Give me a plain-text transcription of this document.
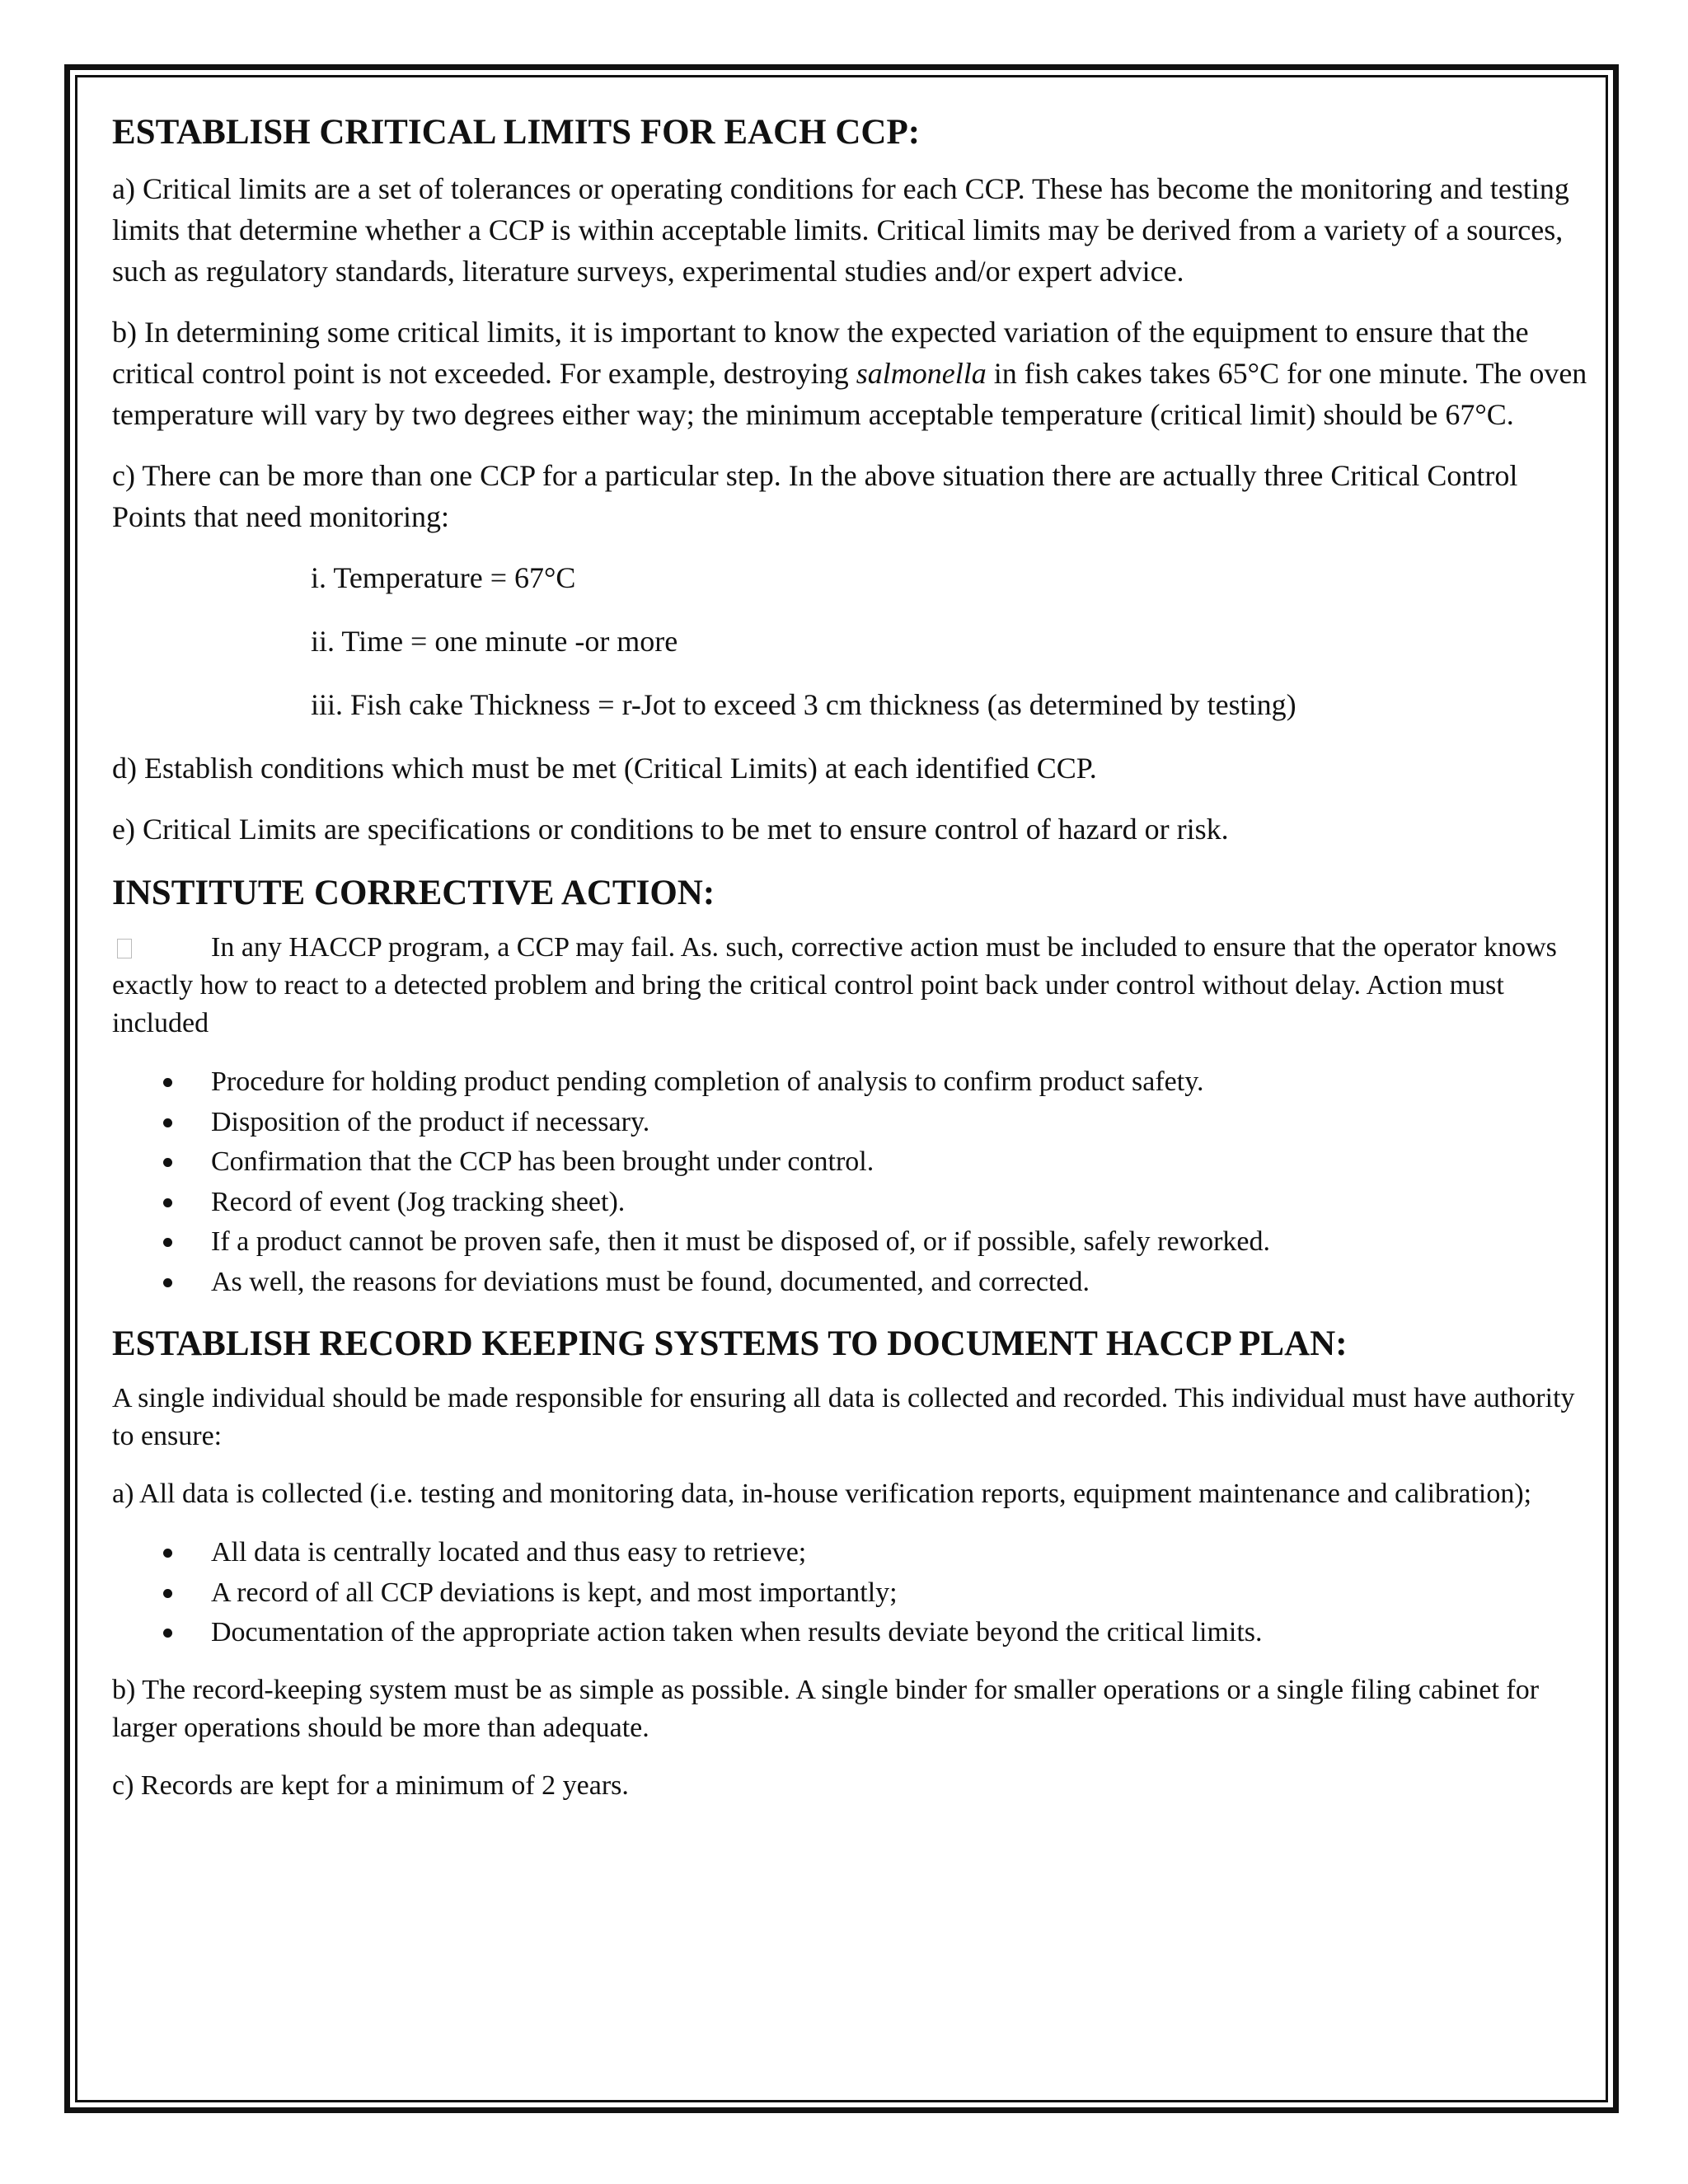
ESTABLISH CRITICAL LIMITS FOR EACH CCP:

a) Critical limits are a set of tolerances or operating conditions for each CCP. These has become the monitoring and testing limits that determine whether a CCP is within acceptable limits. Critical limits may be derived from a variety of a sources, such as regulatory standards, literature surveys, experimental studies and/or expert advice.

b) In determining some critical limits, it is important to know the expected variation of the equipment to ensure that the critical control point is not exceeded. For example, destroying salmonella in fish cakes takes 65°C for one minute. The oven temperature will vary by two degrees either way; the minimum acceptable temperature (critical limit) should be 67°C.

c) There can be more than one CCP for a particular step. In the above situation there are actually three Critical Control Points that need monitoring:

i. Temperature = 67°C

ii. Time = one minute -or more

iii. Fish cake Thickness = r-Jot to exceed 3 cm thickness (as determined by testing)

d) Establish conditions which must be met (Critical Limits) at each identified CCP.

e) Critical Limits are specifications or conditions to be met to ensure control of hazard or risk.

INSTITUTE CORRECTIVE ACTION:

In any HACCP program, a CCP may fail. As. such, corrective action must be included to ensure that the operator knows exactly how to react to a detected problem and bring the critical control point back under control without delay. Action must included

Procedure for holding product pending completion of analysis to confirm product safety.
Disposition of the product if necessary.
Confirmation that the CCP has been brought under control.
Record of event (Jog tracking sheet).
If a product cannot be proven safe, then it must be disposed of, or if possible, safely reworked.
As well, the reasons for deviations must be found, documented, and corrected.
ESTABLISH RECORD KEEPING SYSTEMS TO DOCUMENT HACCP PLAN:

A single individual should be made responsible for ensuring all data is collected and recorded. This individual must have authority to ensure:

a) All data is collected (i.e. testing and monitoring data, in-house verification reports, equipment maintenance and calibration);

All data is centrally located and thus easy to retrieve;
A record of all CCP deviations is kept, and most importantly;
Documentation of the appropriate action taken when results deviate beyond the critical limits.

b) The record-keeping system must be as simple as possible. A single binder for smaller operations or a single filing cabinet for larger operations should be more than adequate.

c) Records are kept for a minimum of 2 years.
